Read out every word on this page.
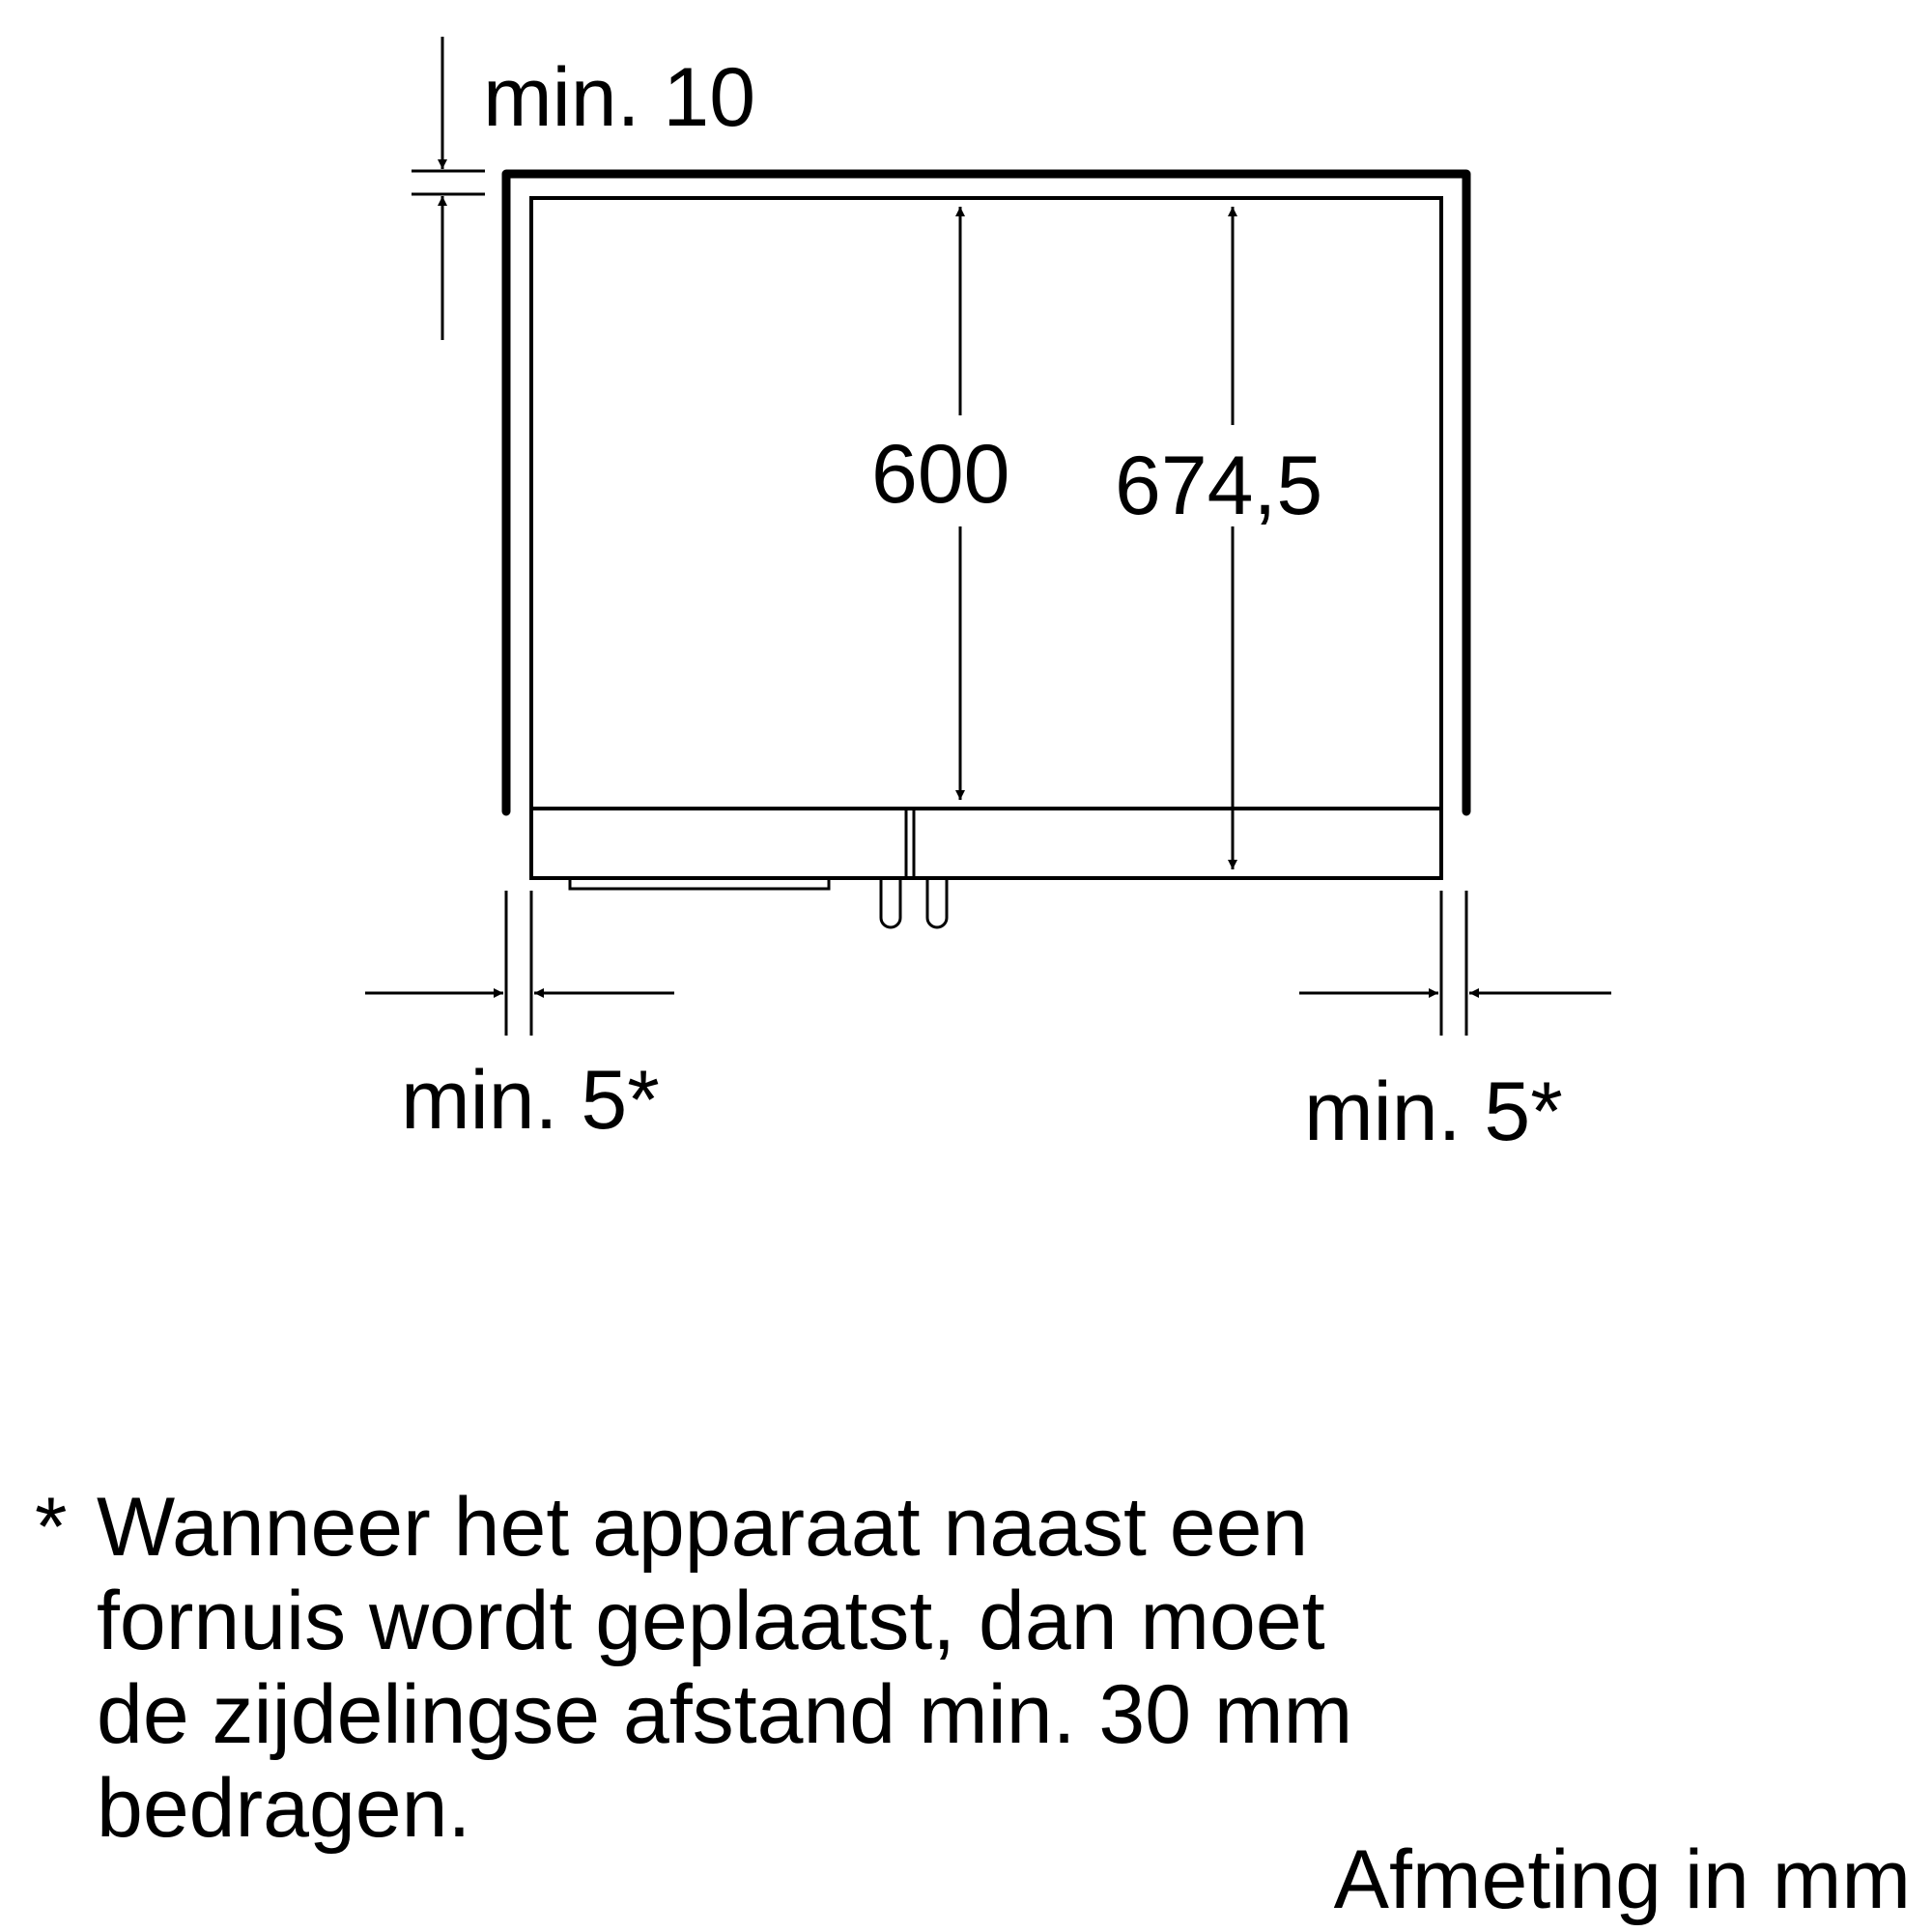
min. 10
600 674,5
min. 5*	min. 5*
* Wanneer het apparaat naast een
fornuis wordt geplaatst, dan moet
de zijdelingse afstand min. 30 mm
bedragen.
Afmeting in mm
